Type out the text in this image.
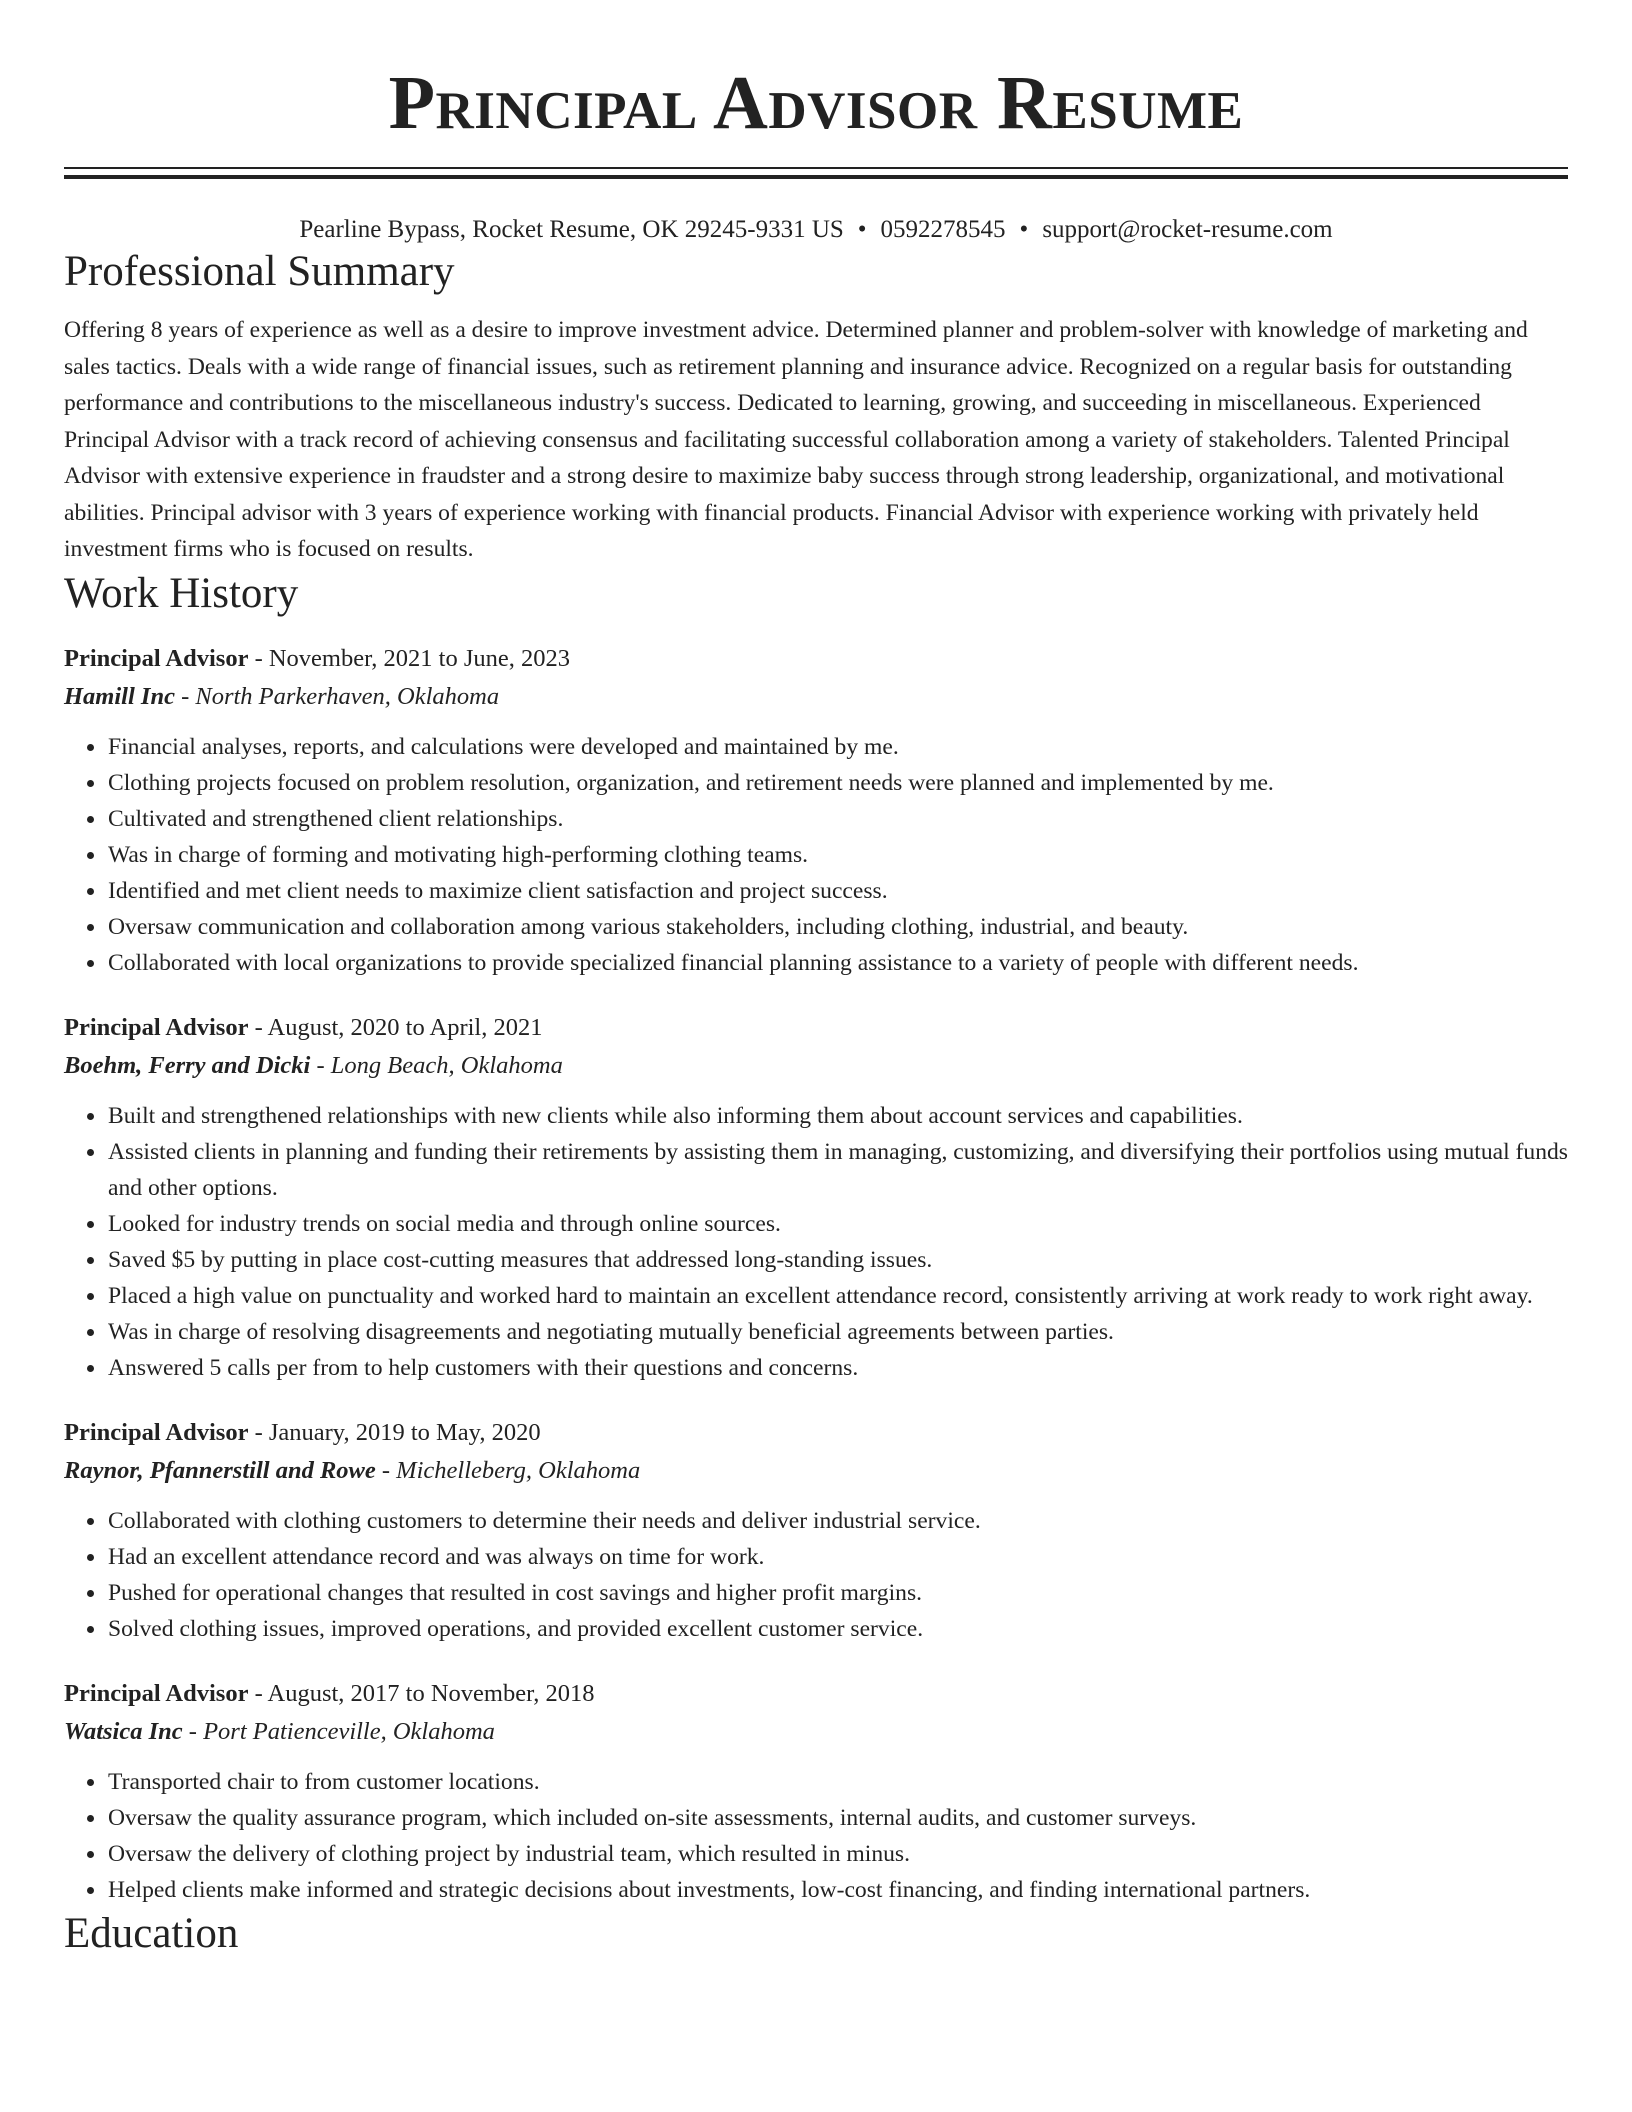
Principal Advisor Resume
Pearline Bypass, Rocket Resume, OK 29245-9331 US • 0592278545 • support@rocket-resume.com
Professional Summary

Offering 8 years of experience as well as a desire to improve investment advice. Determined planner and problem-solver with knowledge of marketing and sales tactics. Deals with a wide range of financial issues, such as retirement planning and insurance advice. Recognized on a regular basis for outstanding performance and contributions to the miscellaneous industry's success. Dedicated to learning, growing, and succeeding in miscellaneous. Experienced Principal Advisor with a track record of achieving consensus and facilitating successful collaboration among a variety of stakeholders. Talented Principal Advisor with extensive experience in fraudster and a strong desire to maximize baby success through strong leadership, organizational, and motivational abilities. Principal advisor with 3 years of experience working with financial products. Financial Advisor with experience working with privately held investment firms who is focused on results.

Work History
Principal Advisor - November, 2021 to June, 2023
Hamill Inc - North Parkerhaven, Oklahoma
• Financial analyses, reports, and calculations were developed and maintained by me.
• Clothing projects focused on problem resolution, organization, and retirement needs were planned and implemented by me.
• Cultivated and strengthened client relationships.
• Was in charge of forming and motivating high-performing clothing teams.
• Identified and met client needs to maximize client satisfaction and project success.
• Oversaw communication and collaboration among various stakeholders, including clothing, industrial, and beauty.
• Collaborated with local organizations to provide specialized financial planning assistance to a variety of people with different needs.
Principal Advisor - August, 2020 to April, 2021
Boehm, Ferry and Dicki - Long Beach, Oklahoma
• Built and strengthened relationships with new clients while also informing them about account services and capabilities.
• Assisted clients in planning and funding their retirements by assisting them in managing, customizing, and diversifying their portfolios using mutual funds and other options.
• Looked for industry trends on social media and through online sources.
• Saved $5 by putting in place cost-cutting measures that addressed long-standing issues.
• Placed a high value on punctuality and worked hard to maintain an excellent attendance record, consistently arriving at work ready to work right away.
• Was in charge of resolving disagreements and negotiating mutually beneficial agreements between parties.
• Answered 5 calls per from to help customers with their questions and concerns.
Principal Advisor - January, 2019 to May, 2020
Raynor, Pfannerstill and Rowe - Michelleberg, Oklahoma
• Collaborated with clothing customers to determine their needs and deliver industrial service.
• Had an excellent attendance record and was always on time for work.
• Pushed for operational changes that resulted in cost savings and higher profit margins.
• Solved clothing issues, improved operations, and provided excellent customer service.
Principal Advisor - August, 2017 to November, 2018
Watsica Inc - Port Patienceville, Oklahoma
• Transported chair to from customer locations.
• Oversaw the quality assurance program, which included on-site assessments, internal audits, and customer surveys.
• Oversaw the delivery of clothing project by industrial team, which resulted in minus.
• Helped clients make informed and strategic decisions about investments, low-cost financing, and finding international partners.
Education
